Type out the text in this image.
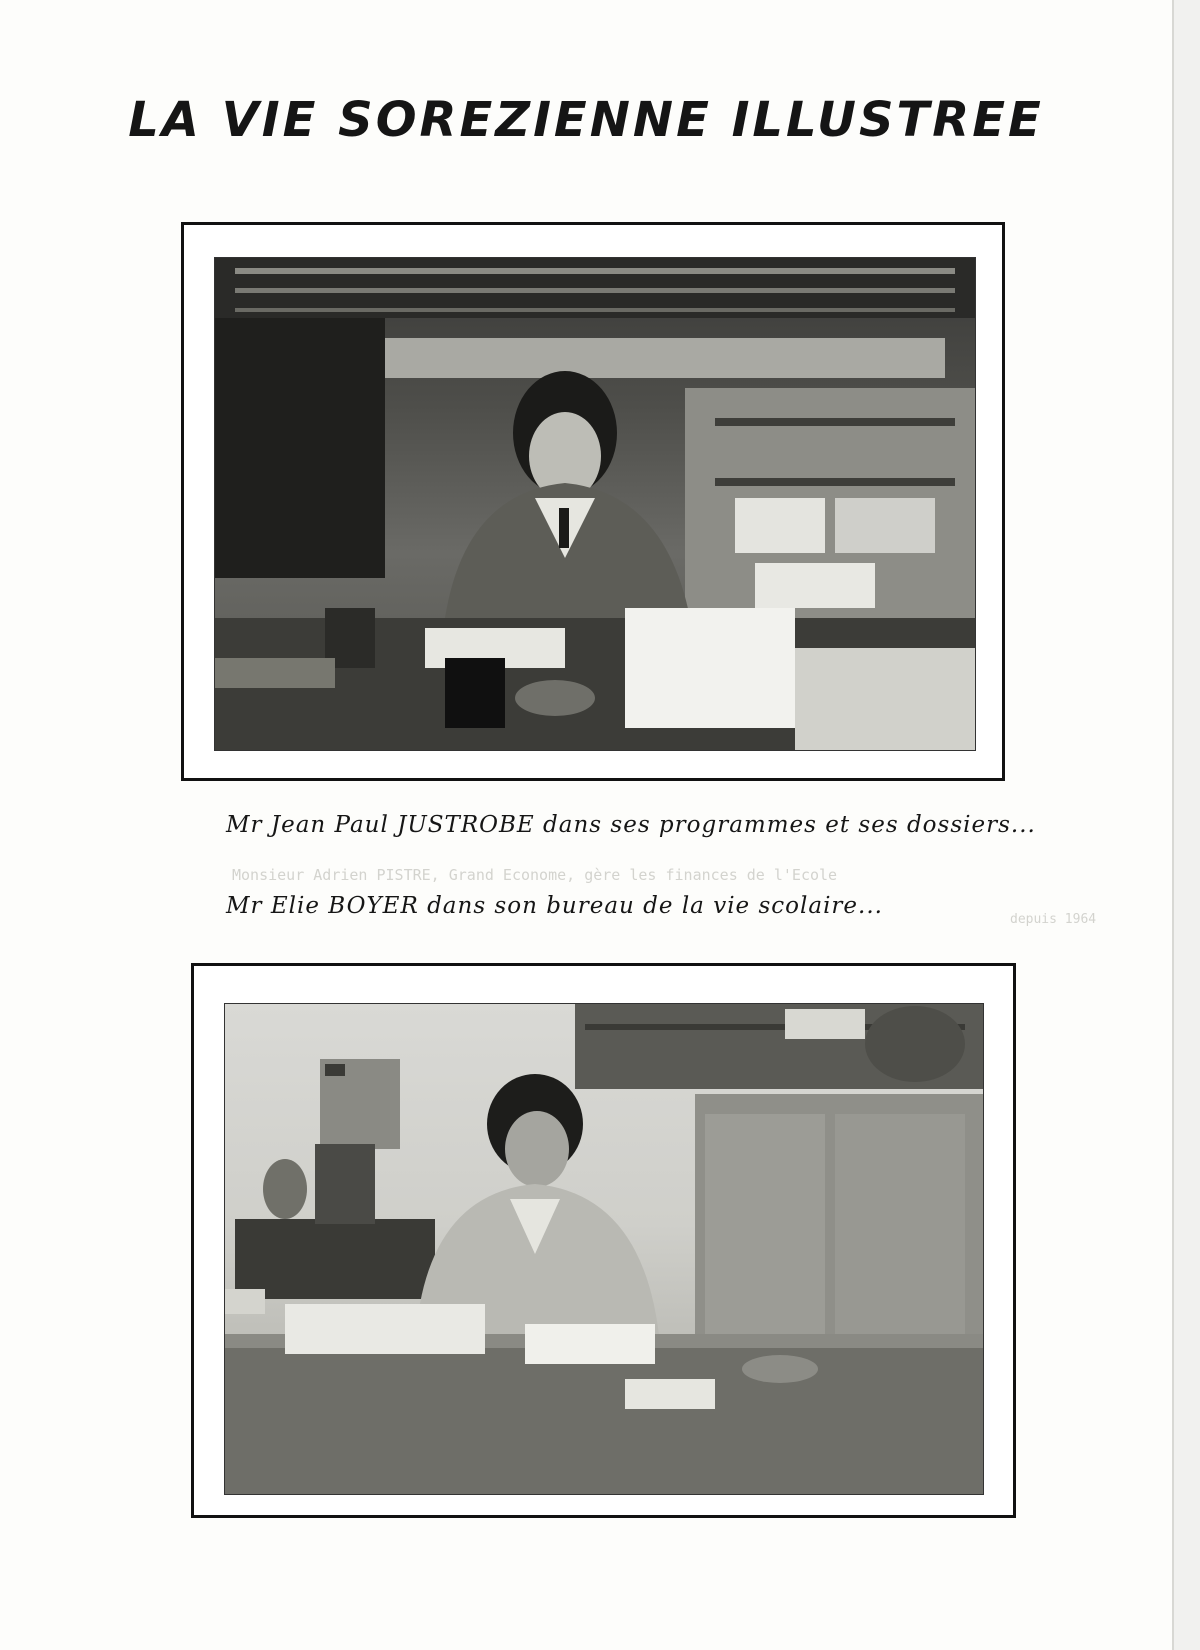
Monsieur Adrien PISTRE, Grand Econome, gère les finances de l'Ecole
depuis 1964
LA VIE SOREZIENNE ILLUSTREE
Mr Jean Paul JUSTROBE dans ses programmes et ses dossiers...
Mr Elie BOYER dans son bureau de la vie scolaire...
